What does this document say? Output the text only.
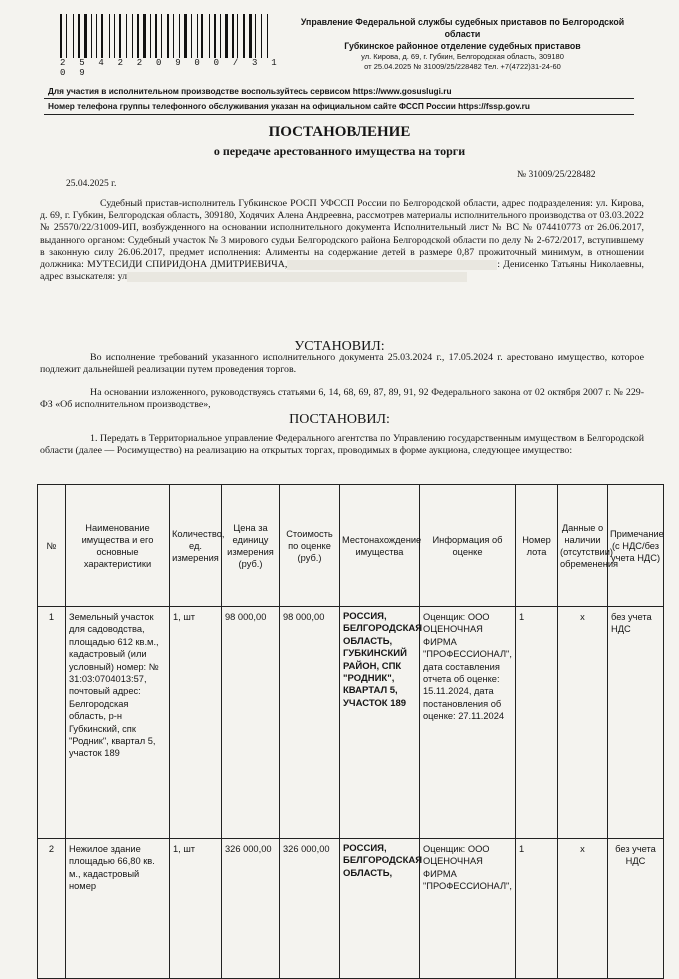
2 5 4 2 2 0 9 0 0 / 3 1 0 9
Управление Федеральной службы судебных приставов по Белгородской
области
Губкинское районное отделение судебных приставов
ул. Кирова, д. 69, г. Губкин, Белгородская область, 309180
от 25.04.2025 № 31009/25/228482 Тел. +7(4722)31-24-60
Для участия в исполнительном производстве воспользуйтесь сервисом https://www.gosuslugi.ru
Номер телефона группы телефонного обслуживания указан на официальном сайте ФССП России https://fssp.gov.ru
ПОСТАНОВЛЕНИЕ
о передаче арестованного имущества на торги
25.04.2025 г.
№ 31009/25/228482
Судебный пристав-исполнитель Губкинское РОСП УФССП России по Белгородской области, адрес подразделения: ул. Кирова, д. 69, г. Губкин, Белгородская область, 309180, Ходячих Алена Андреевна, рассмотрев материалы исполнительного производства от 03.03.2022 № 25570/22/31009-ИП, возбужденного на основании исполнительного документа Исполнительный лист № ВС № 074410773 от 26.06.2017, выданного органом: Судебный участок № 3 мирового судьи Белгородского района Белгородской области по делу № 2-672/2017, вступившему в законную силу 26.06.2017, предмет исполнения: Алименты на содержание детей в размере 0,87 прожиточный минимум, в отношении должника: МУТЕСИДИ СПИРИДОНА ДМИТРИЕВИЧА,	: Денисенко Татьяны Николаевны, адрес взыскателя: ул
УСТАНОВИЛ:
Во исполнение требований указанного исполнительного документа 25.03.2024 г., 17.05.2024 г. арестовано имущество, которое подлежит дальнейшей реализации путем проведения торгов.
На основании изложенного, руководствуясь статьями 6, 14, 68, 69, 87, 89, 91, 92 Федерального закона от 02 октября 2007 г. № 229-ФЗ «Об исполнительном производстве»,
ПОСТАНОВИЛ:
1. Передать в Территориальное управление Федерального агентства по Управлению государственным имуществом в Белгородской области (далее — Росимущество) на реализацию на открытых торгах, проводимых в форме аукциона, следующее имущество:
№	Наименование имущества и его основные характеристики	Количество, ед. измерения	Цена за единицу измерения (руб.)	Стоимость по оценке (руб.)	Местонахождение имущества	Информация об оценке	Номер лота	Данные о наличии (отсутствии) обременения	Примечание (с НДС/без учета НДС)
1	Земельный участок для садоводства, площадью 612 кв.м., кадастровый (или условный) номер: № 31:03:0704013:57, почтовый адрес: Белгородская область, р-н Губкинский, спк "Родник", квартал 5, участок 189	1, шт	98 000,00	98 000,00	РОССИЯ, БЕЛГОРОДСКАЯ ОБЛАСТЬ, ГУБКИНСКИЙ РАЙОН, СПК "РОДНИК", КВАРТАЛ 5, УЧАСТОК 189	Оценщик: ООО ОЦЕНОЧНАЯ ФИРМА "ПРОФЕССИОНАЛ", дата составления отчета об оценке: 15.11.2024, дата постановления об оценке: 27.11.2024	1	х	без учета НДС
2	Нежилое здание площадью 66,80 кв. м., кадастровый номер	1, шт	326 000,00	326 000,00	РОССИЯ, БЕЛГОРОДСКАЯ ОБЛАСТЬ,	Оценщик: ООО ОЦЕНОЧНАЯ ФИРМА "ПРОФЕССИОНАЛ",	1	х	без учета НДС
